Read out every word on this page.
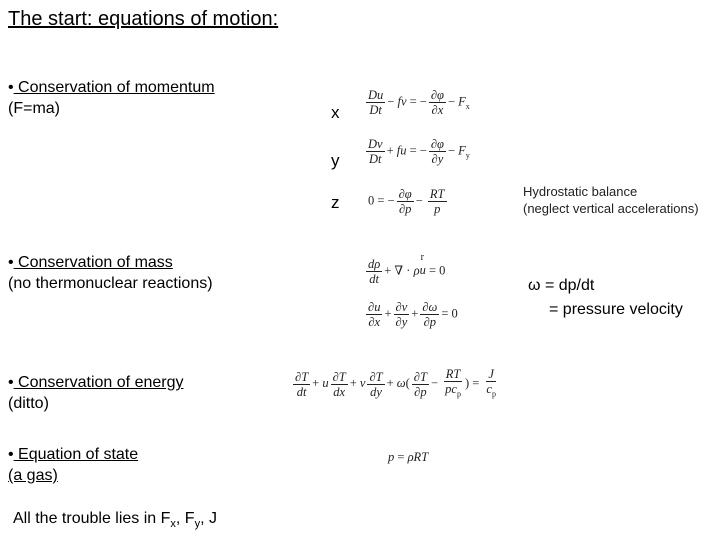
The start: equations of motion:
• Conservation of momentum
(F=ma)	x
y
z
$\frac{Du}{Dt}$ − fv = − $\frac{\partial\varphi}{\partial x} - F_x$
$\frac{Dv}{Dt}$ + fu = − $\frac{\partial\varphi}{\partial y} - F_y$
0 = − $\frac{\partial\varphi}{\partial p} - \frac{RT}{p}$	Hydrostatic balance
(neglect vertical accelerations)
• Conservation of mass
(no thermonuclear reactions)	$\frac{d\rho}{dt}$ + ∇ · ρr u = 0
$\frac{\partial u}{\partial x} + \frac{\partial v}{\partial y} + \frac{\partial\omega}{\partial p} = 0$
ω = dp/dt
= pressure velocity
• Conservation of energy
(ditto)
$\frac{\partial T}{dt} + u \frac{\partial T}{dx} + v \frac{\partial T}{dy} + \omega( \frac{\partial T}{\partial p} - \frac{RT}{pc_p}$ ) = $\frac{J}{c_p}$
• Equation of state
(a gas)
p = ρRT
All the trouble lies in $F_x$, $F_y$, J
